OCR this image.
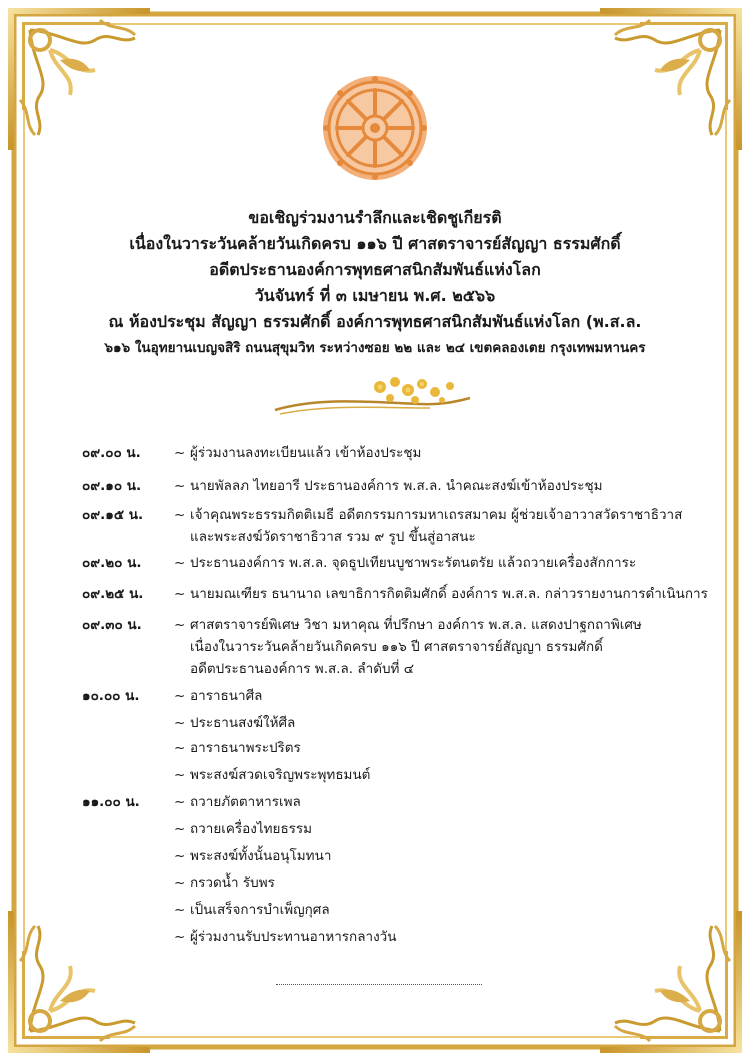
ขอเชิญร่วมงานรำลึกและเชิดชูเกียรติ
เนื่องในวาระวันคล้ายวันเกิดครบ ๑๑๖ ปี ศาสตราจารย์สัญญา ธรรมศักดิ์
อดีตประธานองค์การพุทธศาสนิกสัมพันธ์แห่งโลก
วันจันทร์ ที่ ๓ เมษายน พ.ศ. ๒๕๖๖
ณ ห้องประชุม สัญญา ธรรมศักดิ์ องค์การพุทธศาสนิกสัมพันธ์แห่งโลก (พ.ส.ล.
๖๑๖ ในอุทยานเบญจสิริ ถนนสุขุมวิท ระหว่างซอย ๒๒ และ ๒๔ เขตคลองเตย กรุงเทพมหานคร
๐๙.๐๐ น. ~ ผู้ร่วมงานลงทะเบียนแล้ว เข้าห้องประชุม
๐๙.๑๐ น. ~ นายพัลลภ ไทยอารี ประธานองค์การ พ.ส.ล. นำคณะสงฆ์เข้าห้องประชุม
๐๙.๑๕ น. ~ เจ้าคุณพระธรรมกิตติเมธี อดีตกรรมการมหาเถรสมาคม ผู้ช่วยเจ้าอาวาสวัดราชาธิวาส
และพระสงฆ์วัดราชาธิวาส รวม ๙ รูป ขึ้นสู่อาสนะ
๐๙.๒๐ น. ~ ประธานองค์การ พ.ส.ล. จุดธูปเทียนบูชาพระรัตนตรัย แล้วถวายเครื่องสักการะ
๐๙.๒๕ น. ~ นายมณเฑียร ธนานาถ เลขาธิการกิตติมศักดิ์ องค์การ พ.ส.ล. กล่าวรายงานการดำเนินการ
๐๙.๓๐ น. ~ ศาสตราจารย์พิเศษ วิชา มหาคุณ ที่ปรึกษา องค์การ พ.ส.ล. แสดงปาฐกถาพิเศษ
เนื่องในวาระวันคล้ายวันเกิดครบ ๑๑๖ ปี ศาสตราจารย์สัญญา ธรรมศักดิ์
อดีตประธานองค์การ พ.ส.ล. ลำดับที่ ๔
๑๐.๐๐ น.	~ อาราธนาศีล
~ ประธานสงฆ์ให้ศีล
~ อาราธนาพระปริตร
~ พระสงฆ์สวดเจริญพระพุทธมนต์
๑๑.๐๐ น.	~ ถวายภัตตาหารเพล
~ ถวายเครื่องไทยธรรม
~ พระสงฆ์ทั้งนั้นอนุโมทนา
~ กรวดน้ำ รับพร
~ เป็นเสร็จการบำเพ็ญกุศล
~ ผู้ร่วมงานรับประทานอาหารกลางวัน
